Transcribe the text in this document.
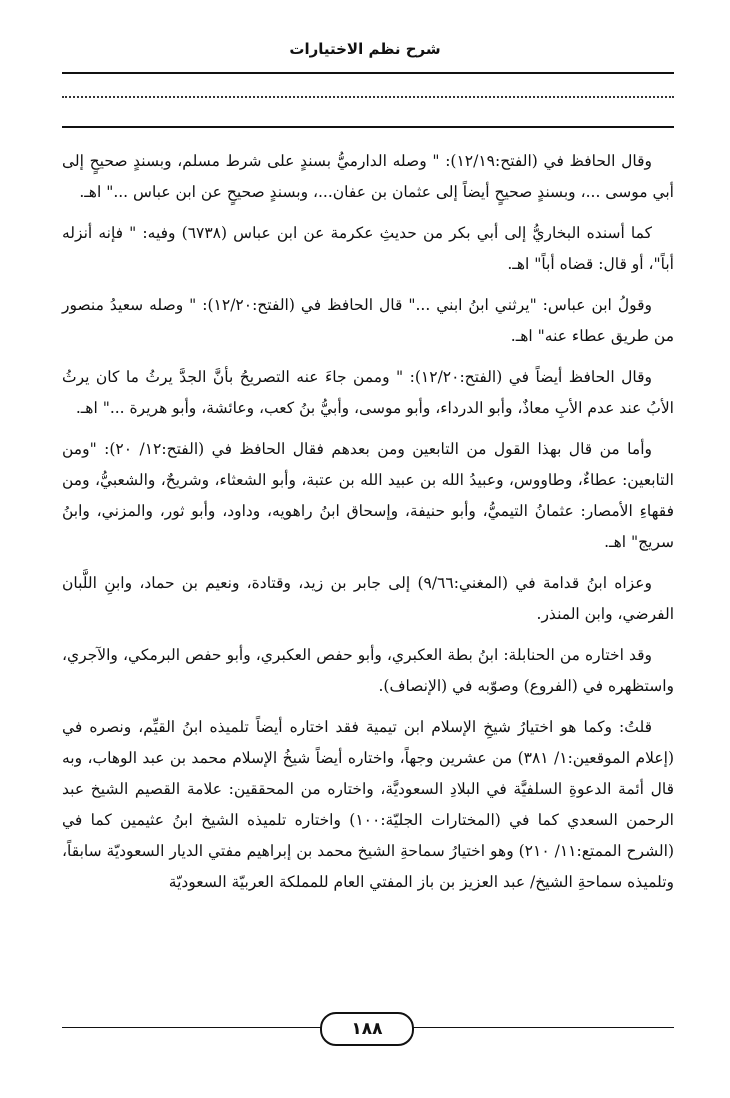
شرح نظم الاختيارات

وقال الحافظ في (الفتح:١٢/١٩): " وصله الدارميُّ بسندٍ على شرط مسلم، وبسندٍ صحيحٍ إلى أبي موسى ...، وبسندٍ صحيحٍ أيضاً إلى عثمان بن عفان...، وبسندٍ صحيحٍ عن ابن عباس ..." اهـ.

كما أسنده البخاريُّ إلى أبي بكر من حديثِ عكرمة عن ابن عباس (٦٧٣٨) وفيه: " فإنه أنزله أباً"، أو قال: قضاه أباً" اهـ.

وقولُ ابن عباس: "يرثني ابنُ ابني ..." قال الحافظ في (الفتح:١٢/٢٠): " وصله سعيدُ منصور من طريق عطاء عنه" اهـ.

وقال الحافظ أيضاً في (الفتح:١٢/٢٠): " وممن جاءَ عنه التصريحُ بأنَّ الجدَّ يرثُ ما كان يرثُ الأبُ عند عدم الأبِ معاذٌ، وأبو الدرداء، وأبو موسى، وأبيُّ بنُ كعب، وعائشة، وأبو هريرة ..." اهـ.

وأما من قال بهذا القول من التابعين ومن بعدهم فقال الحافظ في (الفتح:١٢/ ٢٠): "ومن التابعين: عطاءٌ، وطاووس، وعبيدُ الله بن عبيد الله بن عتبة، وأبو الشعثاء، وشريحٌ، والشعبيُّ، ومن فقهاءِ الأمصار: عثمانُ التيميُّ، وأبو حنيفة، وإسحاق ابنُ راهويه، وداود، وأبو ثور، والمزني، وابنُ سريج" اهـ.

وعزاه ابنُ قدامة في (المغني:٩/٦٦) إلى جابر بن زيد، وقتادة، ونعيم بن حماد، وابنِ اللَّبان الفرضي، وابن المنذر.

وقد اختاره من الحنابلة: ابنُ بطة العكبري، وأبو حفص العكبري، وأبو حفص البرمكي، والآجري، واستظهره في (الفروع) وصوّبه في (الإنصاف).

قلتُ: وكما هو اختيارُ شيخِ الإسلام ابن تيمية فقد اختاره أيضاً تلميذه ابنُ القيِّم، ونصره في (إعلام الموقعين:١/ ٣٨١) من عشرين وجهاً، واختاره أيضاً شيخُ الإسلام محمد بن عبد الوهاب، وبه قال أئمة الدعوةِ السلفيَّة في البلادِ السعوديَّة، واختاره من المحققين: علامة القصيم الشيخ عبد الرحمن السعدي كما في (المختارات الجليّة:١٠٠) واختاره تلميذه الشيخ ابنُ عثيمين كما في (الشرح الممتع:١١/ ٢١٠) وهو اختيارُ سماحةِ الشيخ محمد بن إبراهيم مفتي الديار السعوديّة سابقاً، وتلميذه سماحةِ الشيخ/ عبد العزيز بن باز المفتي العام للمملكة العربيّة السعوديّة

١٨٨
